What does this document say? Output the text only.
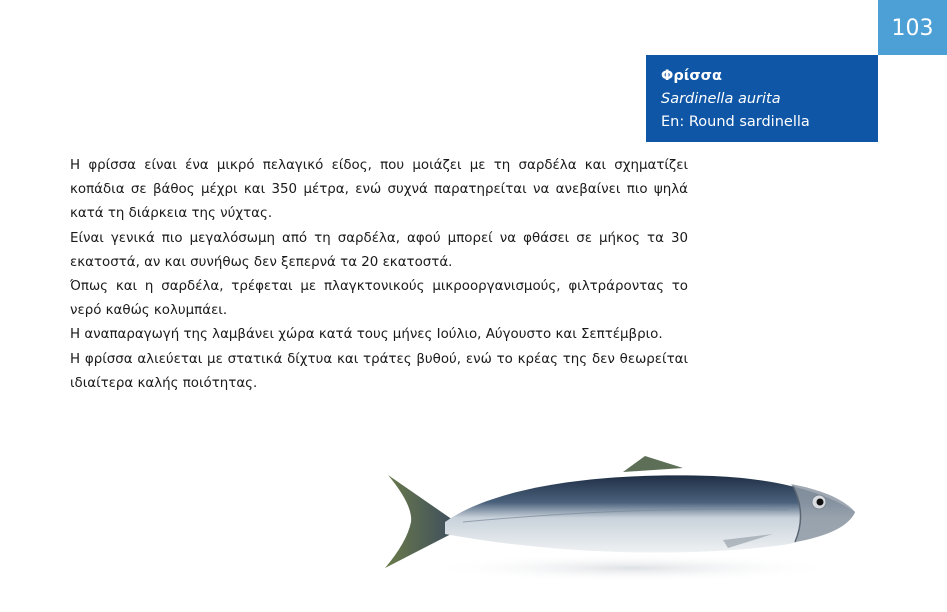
103
Φρίσσα
Sardinella aurita
En: Round sardinella

Η φρίσσα είναι ένα μικρό πελαγικό είδος, που μοιάζει με τη σαρδέλα και σχηματίζει κοπάδια σε βάθος μέχρι και 350 μέτρα, ενώ συχνά παρατηρείται να ανεβαίνει πιο ψηλά κατά τη διάρκεια της νύχτας.

Είναι γενικά πιο μεγαλόσωμη από τη σαρδέλα, αφού μπορεί να φθάσει σε μήκος τα 30 εκατοστά, αν και συνήθως δεν ξεπερνά τα 20 εκατοστά.

Όπως και η σαρδέλα, τρέφεται με πλαγκτονικούς μικροοργανισμούς, φιλτράροντας το νερό καθώς κολυμπάει.

Η αναπαραγωγή της λαμβάνει χώρα κατά τους μήνες Ιούλιο, Αύγουστο και Σεπτέμβριο.

Η φρίσσα αλιεύεται με στατικά δίχτυα και τράτες βυθού, ενώ το κρέας της δεν θεωρείται ιδιαίτερα καλής ποιότητας.
